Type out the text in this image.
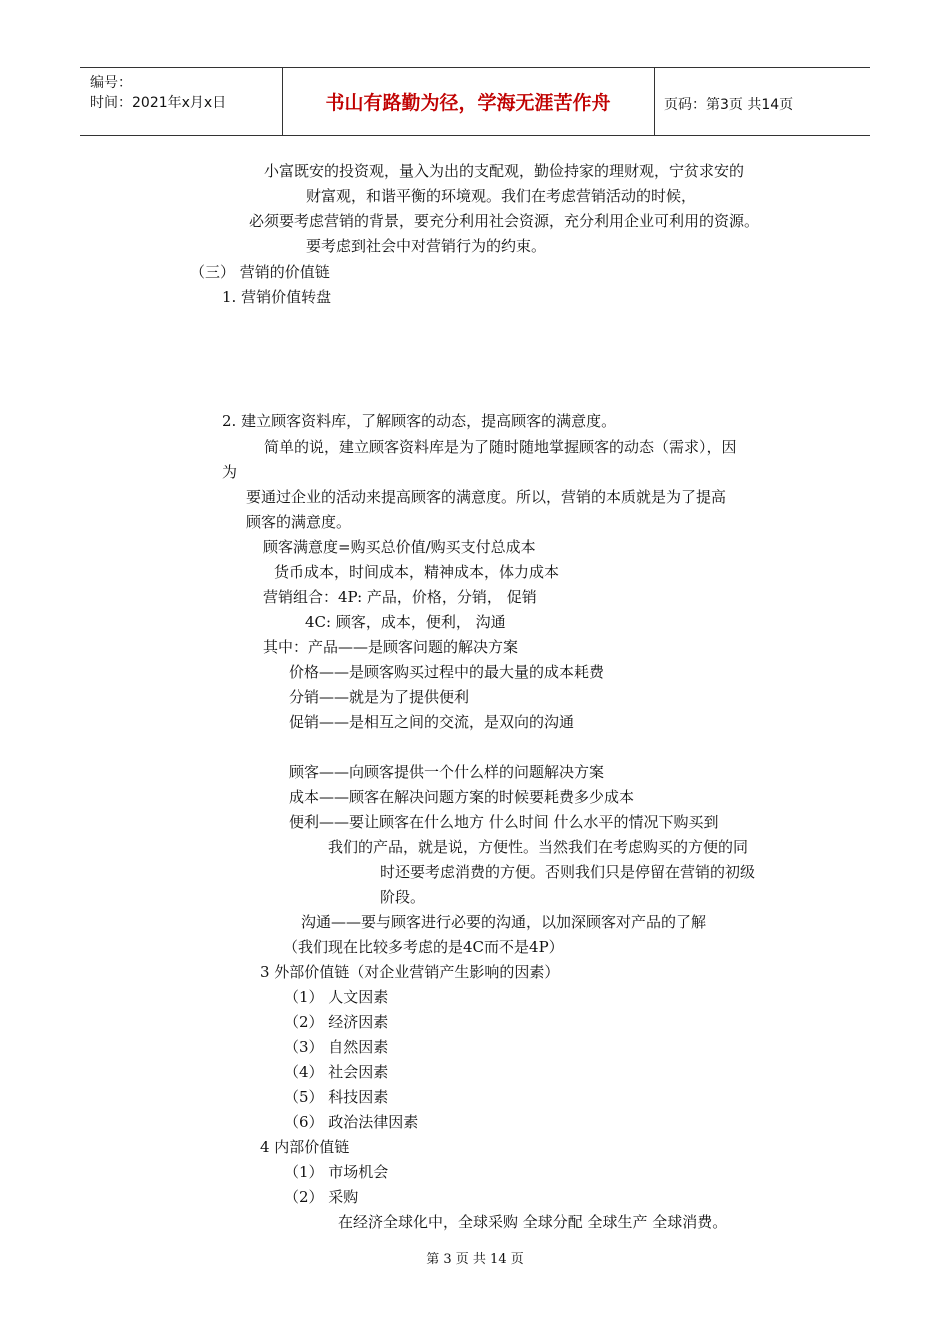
编号：
时间：2021年x月x日	书山有路勤为径，学海无涯苦作舟	页码：第3页 共14页
小富既安的投资观，量入为出的支配观，勤俭持家的理财观，宁贫求安的
财富观，和谐平衡的环境观。我们在考虑营销活动的时候，
必须要考虑营销的背景，要充分利用社会资源，充分利用企业可利用的资源。
要考虑到社会中对营销行为的约束。
（三） 营销的价值链
1. 营销价值转盘
2. 建立顾客资料库，了解顾客的动态，提高顾客的满意度。
简单的说，建立顾客资料库是为了随时随地掌握顾客的动态（需求），因
为
要通过企业的活动来提高顾客的满意度。所以，营销的本质就是为了提高
顾客的满意度。
顾客满意度=购买总价值/购买支付总成本
货币成本，时间成本，精神成本，体力成本
营销组合：4P: 产品，价格，分销， 促销
4C: 顾客，成本，便利， 沟通
其中：产品——是顾客问题的解决方案
价格——是顾客购买过程中的最大量的成本耗费
分销——就是为了提供便利
促销——是相互之间的交流，是双向的沟通
顾客——向顾客提供一个什么样的问题解决方案
成本——顾客在解决问题方案的时候要耗费多少成本
便利——要让顾客在什么地方 什么时间 什么水平的情况下购买到
我们的产品，就是说，方便性。当然我们在考虑购买的方便的同
时还要考虑消费的方便。否则我们只是停留在营销的初级
阶段。
沟通——要与顾客进行必要的沟通，以加深顾客对产品的了解
（我们现在比较多考虑的是4C而不是4P）
3 外部价值链（对企业营销产生影响的因素）
（1） 人文因素
（2） 经济因素
（3） 自然因素
（4） 社会因素
（5） 科技因素
（6） 政治法律因素
4 内部价值链
（1） 市场机会
（2） 采购
在经济全球化中，全球采购 全球分配 全球生产 全球消费。
第 3 页 共 14 页
